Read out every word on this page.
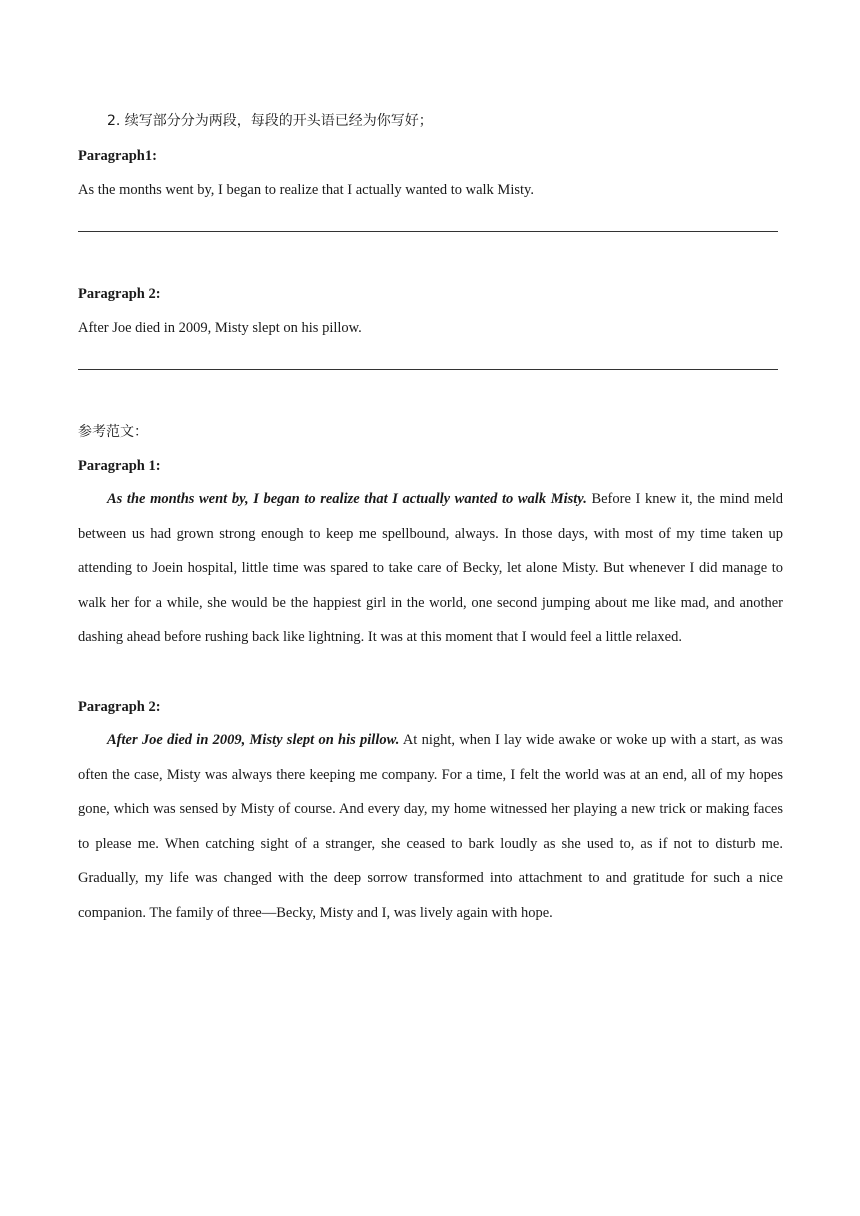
2. 续写部分分为两段，每段的开头语已经为你写好；
Paragraph1:
As the months went by, I began to realize that I actually wanted to walk Misty.
Paragraph 2:
After Joe died in 2009, Misty slept on his pillow.
参考范文：
Paragraph 1:

As the months went by, I began to realize that I actually wanted to walk Misty. Before I knew it, the mind meld between us had grown strong enough to keep me spellbound, always. In those days, with most of my time taken up attending to Joein hospital, little time was spared to take care of Becky, let alone Misty. But whenever I did manage to walk her for a while, she would be the happiest girl in the world, one second jumping about me like mad, and another dashing ahead before rushing back like lightning. It was at this moment that I would feel a little relaxed.

Paragraph 2:

After Joe died in 2009, Misty slept on his pillow. At night, when I lay wide awake or woke up with a start, as was often the case, Misty was always there keeping me company. For a time, I felt the world was at an end, all of my hopes gone, which was sensed by Misty of course. And every day, my home witnessed her playing a new trick or making faces to please me. When catching sight of a stranger, she ceased to bark loudly as she used to, as if not to disturb me. Gradually, my life was changed with the deep sorrow transformed into attachment to and gratitude for such a nice companion. The family of three—Becky, Misty and I, was lively again with hope.
